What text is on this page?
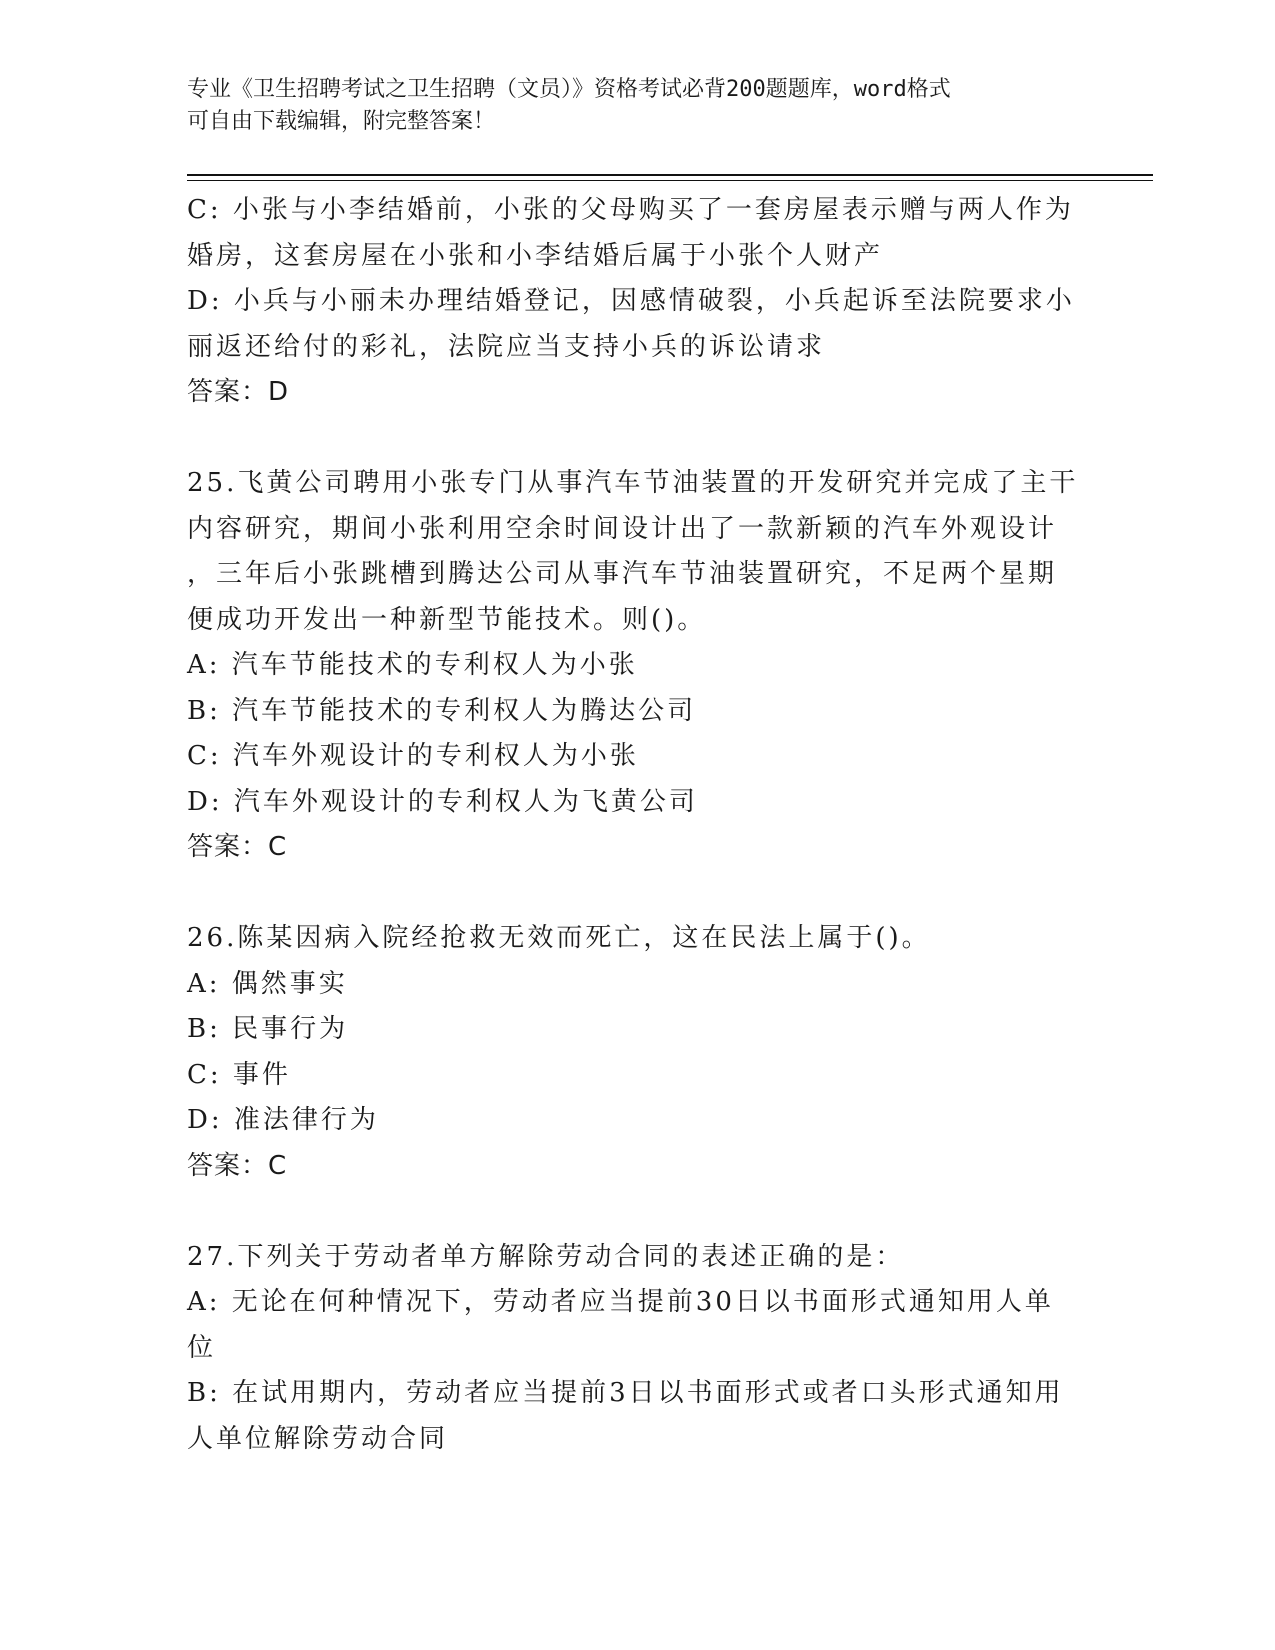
专业《卫生招聘考试之卫生招聘（文员）》资格考试必背200题题库，word格式
可自由下载编辑，附完整答案！
C: 小张与小李结婚前，小张的父母购买了一套房屋表示赠与两人作为
婚房，这套房屋在小张和小李结婚后属于小张个人财产
D: 小兵与小丽未办理结婚登记，因感情破裂，小兵起诉至法院要求小
丽返还给付的彩礼，法院应当支持小兵的诉讼请求
答案：D
25.飞黄公司聘用小张专门从事汽车节油装置的开发研究并完成了主干
内容研究，期间小张利用空余时间设计出了一款新颖的汽车外观设计
，三年后小张跳槽到腾达公司从事汽车节油装置研究，不足两个星期
便成功开发出一种新型节能技术。则()。
A: 汽车节能技术的专利权人为小张
B: 汽车节能技术的专利权人为腾达公司
C: 汽车外观设计的专利权人为小张
D: 汽车外观设计的专利权人为飞黄公司
答案：C
26.陈某因病入院经抢救无效而死亡，这在民法上属于()。
A: 偶然事实
B: 民事行为
C: 事件
D: 准法律行为
答案：C
27.下列关于劳动者单方解除劳动合同的表述正确的是：
A: 无论在何种情况下，劳动者应当提前30日以书面形式通知用人单
位
B: 在试用期内，劳动者应当提前3日以书面形式或者口头形式通知用
人单位解除劳动合同
